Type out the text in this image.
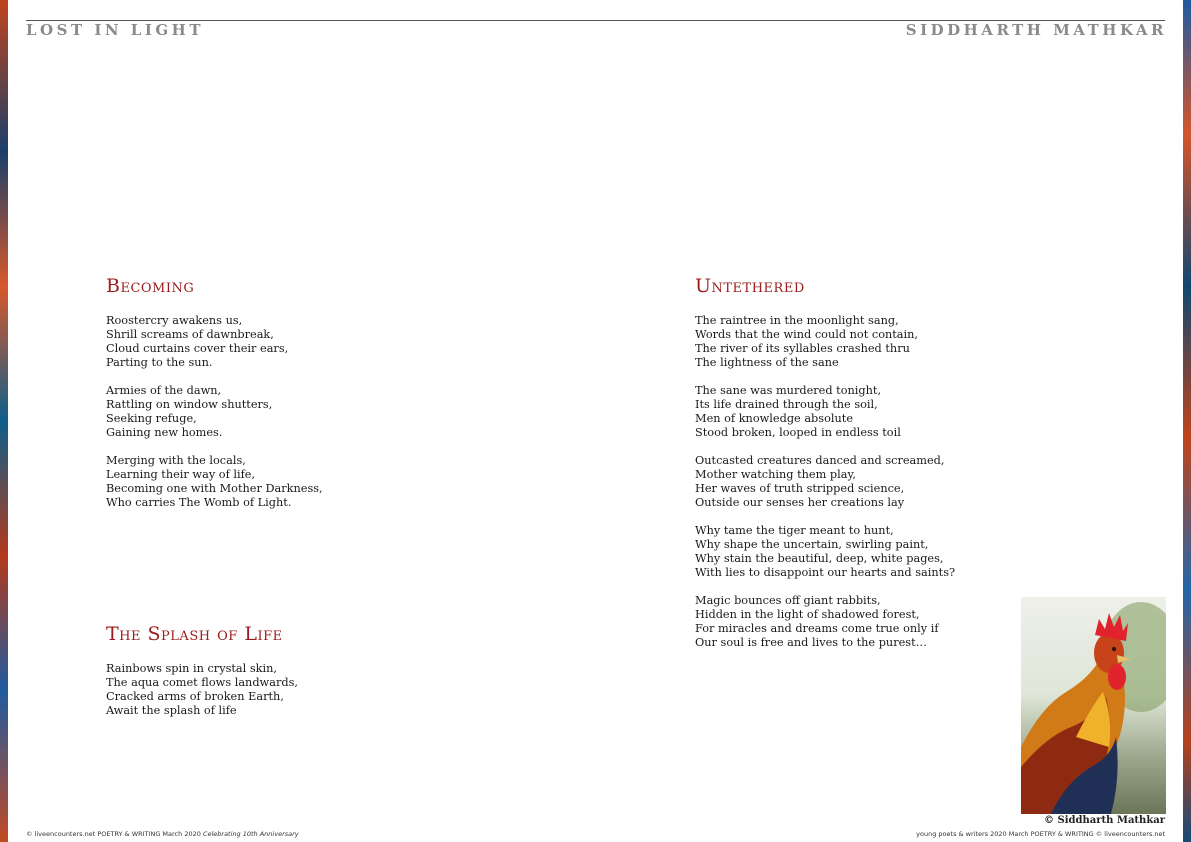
LOST IN LIGHT	SIDDHARTH MATHKAR
Becoming
Roostercry awakens us,
Shrill screams of dawnbreak,
Cloud curtains cover their ears,
Parting to the sun.
Armies of the dawn,
Rattling on window shutters,
Seeking refuge,
Gaining new homes.
Merging with the locals,
Learning their way of life,
Becoming one with Mother Darkness,
Who carries The Womb of Light.
The Splash of Life
Rainbows spin in crystal skin,
The aqua comet flows landwards,
Cracked arms of broken Earth,
Await the splash of life
Untethered
The raintree in the moonlight sang,
Words that the wind could not contain,
The river of its syllables crashed thru
The lightness of the sane
The sane was murdered tonight,
Its life drained through the soil,
Men of knowledge absolute
Stood broken, looped in endless toil
Outcasted creatures danced and screamed,
Mother watching them play,
Her waves of truth stripped science,
Outside our senses her creations lay
Why tame the tiger meant to hunt,
Why shape the uncertain, swirling paint,
Why stain the beautiful, deep, white pages,
With lies to disappoint our hearts and saints?
Magic bounces off giant rabbits,
Hidden in the light of shadowed forest,
For miracles and dreams come true only if
Our soul is free and lives to the purest…
© Siddharth Mathkar
© liveencounters.net POETRY & WRITING March 2020 Celebrating 10th Anniversary	young poets & writers 2020 March POETRY & WRITING © liveencounters.net
